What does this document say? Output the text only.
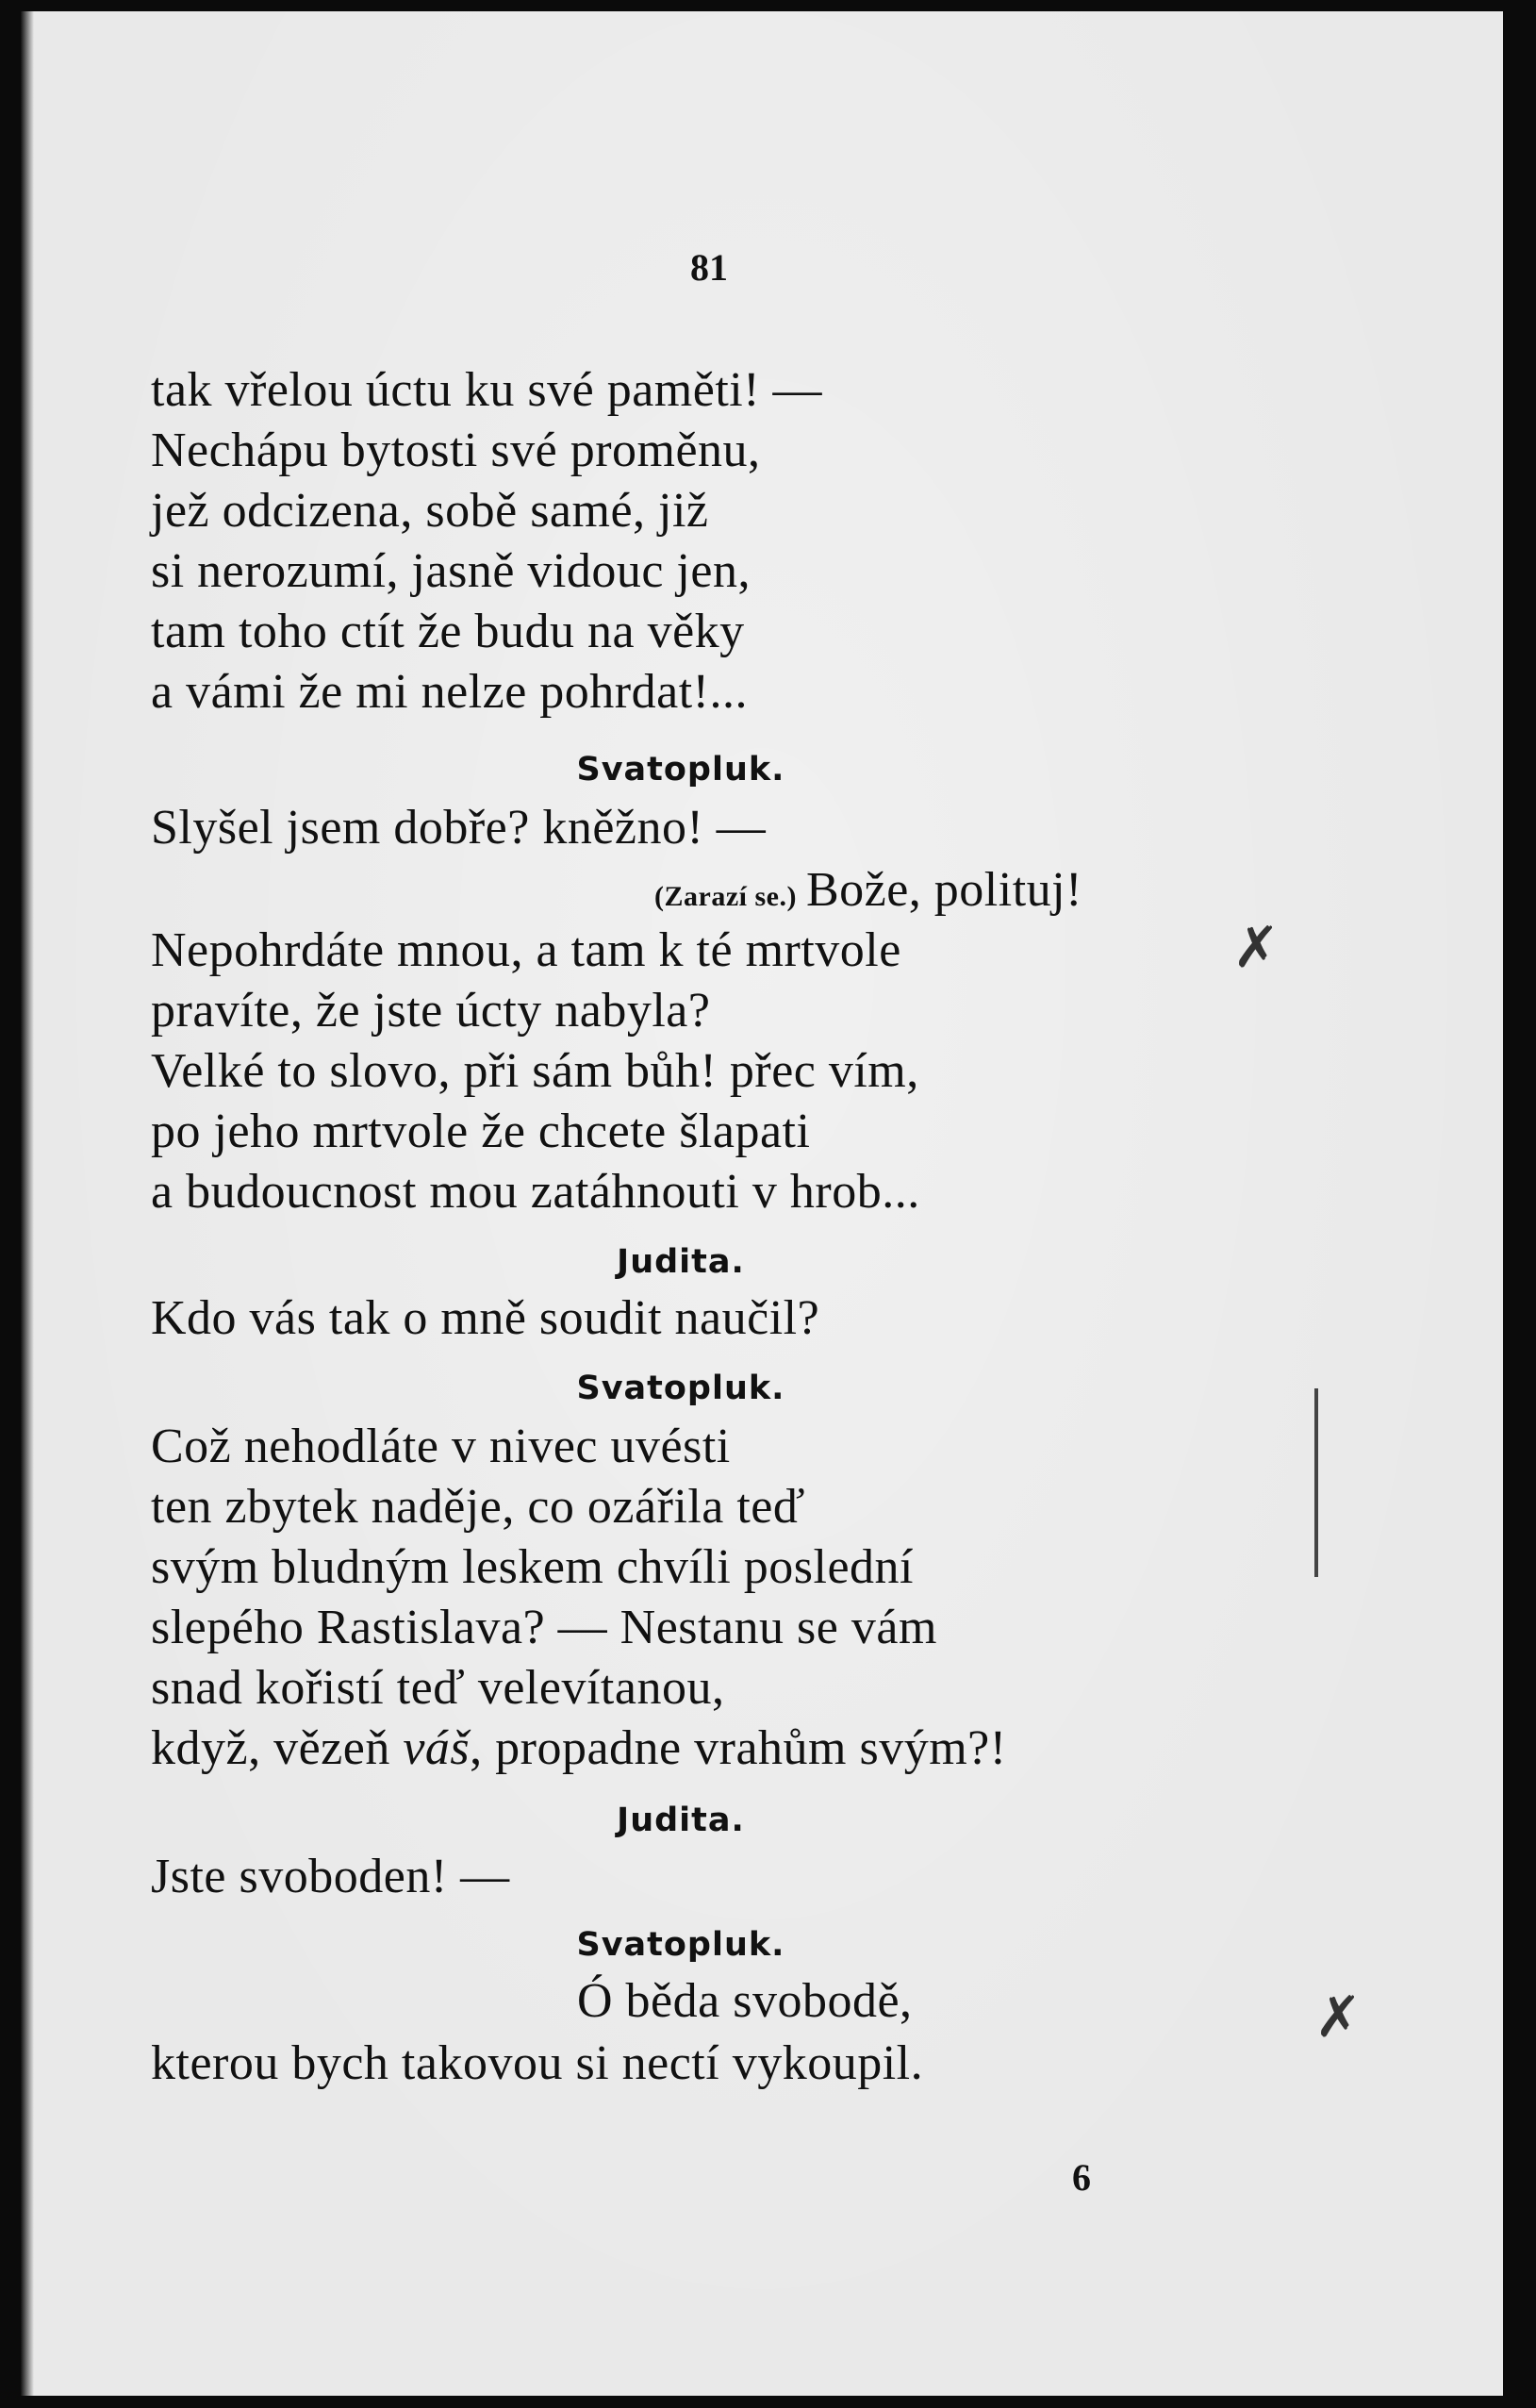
81
tak vřelou úctu ku své paměti! —
Nechápu bytosti své proměnu,
jež odcizena, sobě samé, již
si nerozumí, jasně vidouc jen,
tam toho ctít že budu na věky
a vámi že mi nelze pohrdat!...
Svatopluk.
Slyšel jsem dobře? kněžno! —
(Zarazí se.) Bože, polituj!
Nepohrdáte mnou, a tam k té mrtvole
pravíte, že jste úcty nabyla?
Velké to slovo, při sám bůh! přec vím,
po jeho mrtvole že chcete šlapati
a budoucnost mou zatáhnouti v hrob...
Judita.
Kdo vás tak o mně soudit naučil?
Svatopluk.
Což nehodláte v nivec uvésti
ten zbytek naděje, co ozářila teď
svým bludným leskem chvíli poslední
slepého Rastislava? — Nestanu se vám
snad kořistí teď velevítanou,
když, vězeň váš, propadne vrahům svým?!
Judita.
Jste svoboden! —
Svatopluk.
Ó běda svobodě,
kterou bych takovou si nectí vykoupil.
6
✗
✗
